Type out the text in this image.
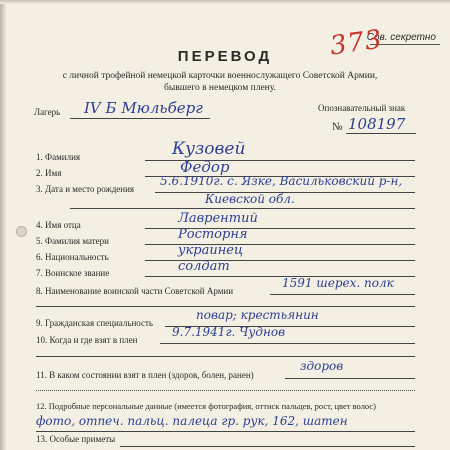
Сов. секретно
373
ПЕРЕВОД
с личной трофейной немецкой карточки военнослужащего Советской Армии,
бывшего в немецком плену.
Лагерь IV Б Мюльберг	Опознавательный знак
№ 108197
1. Фамилия	Кузовей
2. Имя	Федор
3. Дата и место рождения
5.6.1910г. с. Язке, Васильковский р-н,
Киевской обл.
4. Имя отца	Лаврентий
5. Фамилия матери	Росторня
6. Национальность	украинец
7. Воинское звание	солдат
8. Наименование воинской части Советской Армии
1591 шерех. полк
9. Гражданская специальность
повар; крестьянин
10. Когда и где взят в плен
9.7.1941г. Чуднов
11. В каком состоянии взят в плен (здоров, болен, ранен)
здоров
12. Подробные персональные данные (имеется фотография, оттиск пальцев, рост, цвет волос)
фото, отпеч. пальц. палеца гр. рук, 162, шатен
13. Особые приметы
